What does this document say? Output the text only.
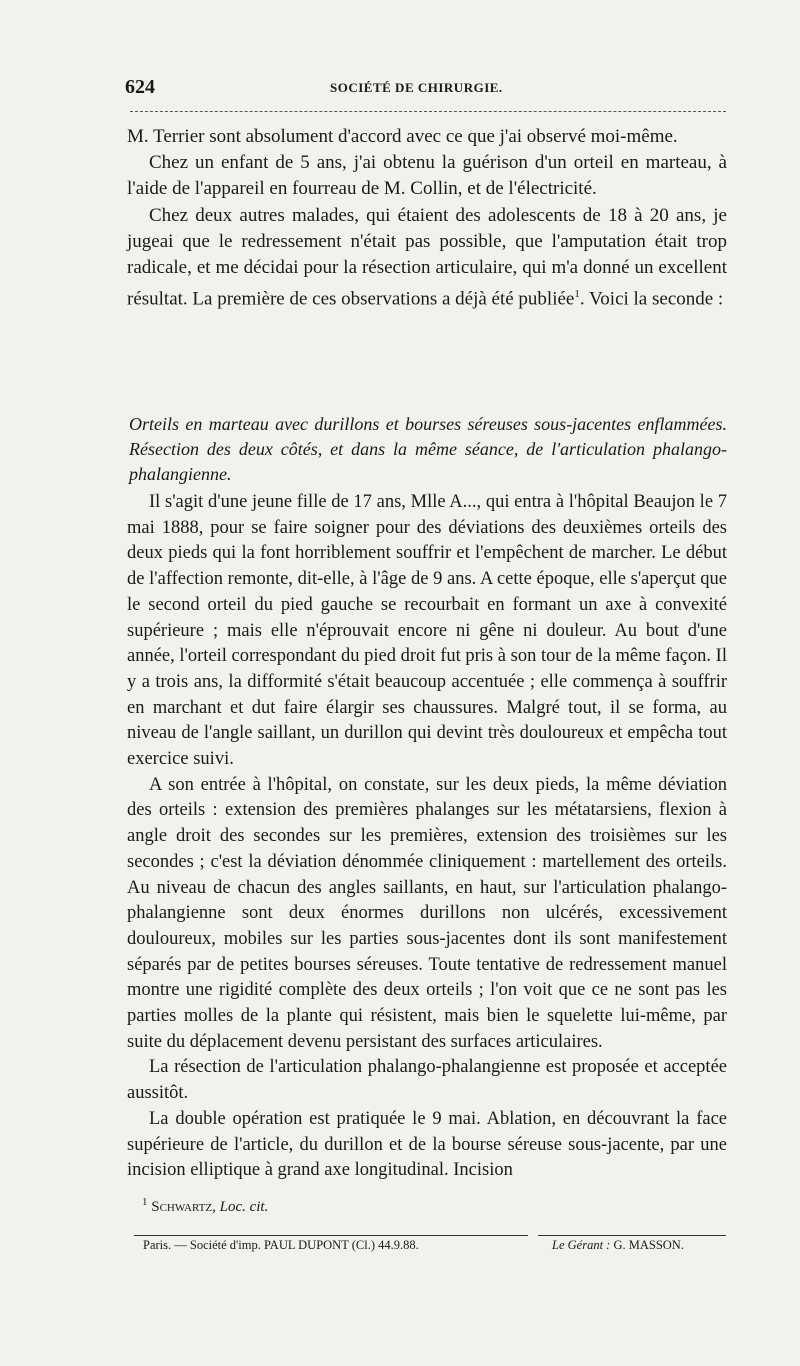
624	SOCIÉTÉ DE CHIRURGIE.

M. Terrier sont absolument d'accord avec ce que j'ai observé moi-même.

Chez un enfant de 5 ans, j'ai obtenu la guérison d'un orteil en marteau, à l'aide de l'appareil en fourreau de M. Collin, et de l'électricité.

Chez deux autres malades, qui étaient des adolescents de 18 à 20 ans, je jugeai que le redressement n'était pas possible, que l'amputation était trop radicale, et me décidai pour la résection articulaire, qui m'a donné un excellent résultat. La première de ces observations a déjà été publiée$^1$. Voici la seconde :

Orteils en marteau avec durillons et bourses séreuses sous-jacentes enflammées. Résection des deux côtés, et dans la même séance, de l'articulation phalango-phalangienne.

Il s'agit d'une jeune fille de 17 ans, Mlle A..., qui entra à l'hôpital Beaujon le 7 mai 1888, pour se faire soigner pour des déviations des deuxièmes orteils des deux pieds qui la font horriblement souffrir et l'empêchent de marcher. Le début de l'affection remonte, dit-elle, à l'âge de 9 ans. A cette époque, elle s'aperçut que le second orteil du pied gauche se recourbait en formant un axe à convexité supérieure ; mais elle n'éprouvait encore ni gêne ni douleur. Au bout d'une année, l'orteil correspondant du pied droit fut pris à son tour de la même façon. Il y a trois ans, la difformité s'était beaucoup accentuée ; elle commença à souffrir en marchant et dut faire élargir ses chaussures. Malgré tout, il se forma, au niveau de l'angle saillant, un durillon qui devint très douloureux et empêcha tout exercice suivi.

A son entrée à l'hôpital, on constate, sur les deux pieds, la même déviation des orteils : extension des premières phalanges sur les métatarsiens, flexion à angle droit des secondes sur les premières, extension des troisièmes sur les secondes ; c'est la déviation dénommée cliniquement : martellement des orteils. Au niveau de chacun des angles saillants, en haut, sur l'articulation phalango-phalangienne sont deux énormes durillons non ulcérés, excessivement douloureux, mobiles sur les parties sous-jacentes dont ils sont manifestement séparés par de petites bourses séreuses. Toute tentative de redressement manuel montre une rigidité complète des deux orteils ; l'on voit que ce ne sont pas les parties molles de la plante qui résistent, mais bien le squelette lui-même, par suite du déplacement devenu persistant des surfaces articulaires.

La résection de l'articulation phalango-phalangienne est proposée et acceptée aussitôt.

La double opération est pratiquée le 9 mai. Ablation, en découvrant la face supérieure de l'article, du durillon et de la bourse séreuse sous-jacente, par une incision elliptique à grand axe longitudinal. Incision

$^1$ Schwartz, Loc. cit.
Paris. — Société d'imp. PAUL DUPONT (Cl.) 44.9.88.	Le Gérant : G. MASSON.
